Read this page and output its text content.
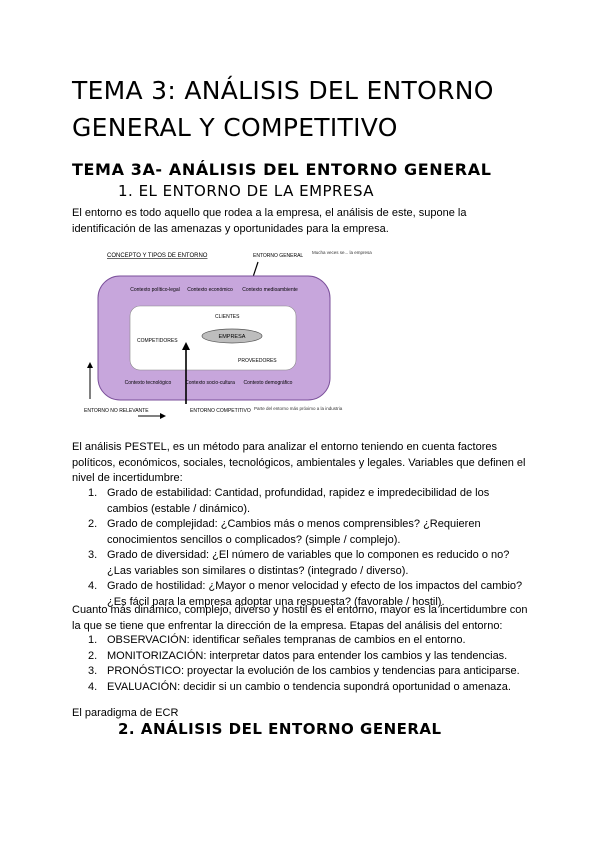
TEMA 3: ANÁLISIS DEL ENTORNO GENERAL Y COMPETITIVO
TEMA 3A- ANÁLISIS DEL ENTORNO GENERAL
1. EL ENTORNO DE LA EMPRESA
El entorno es todo aquello que rodea a la empresa, el análisis de este, supone la identificación de las amenazas y oportunidades para la empresa.
CONCEPTO Y TIPOS DE ENTORNO	ENTORNO GENERAL
Mucha veces se... la empresa
Contexto político-legal Contexto económico Contexto medioambiente
CLIENTES
COMPETIDORES
EMPRESA
PROVEEDORES
Contexto tecnológico	Contexto socio-cultura Contexto demográfico
ENTORNO NO RELEVANTE	ENTORNO COMPETITIVO Parte del entorno más próximo a la industria
El análisis PESTEL, es un método para analizar el entorno teniendo en cuenta factores políticos, económicos, sociales, tecnológicos, ambientales y legales. Variables que definen el nivel de incertidumbre:
1. Grado de estabilidad: Cantidad, profundidad, rapidez e impredecibilidad de los cambios (estable / dinámico).
2. Grado de complejidad: ¿Cambios más o menos comprensibles? ¿Requieren conocimientos sencillos o complicados? (simple / complejo).
3. Grado de diversidad: ¿El número de variables que lo componen es reducido o no? ¿Las variables son similares o distintas? (integrado / diverso).
4. Grado de hostilidad: ¿Mayor o menor velocidad y efecto de los impactos del cambio? ¿Es fácil para la empresa adoptar una respuesta? (favorable / hostil).
Cuanto más dinámico, complejo, diverso y hostil es el entorno, mayor es la incertidumbre con la que se tiene que enfrentar la dirección de la empresa. Etapas del análisis del entorno:
1. OBSERVACIÓN: identificar señales tempranas de cambios en el entorno.
2. MONITORIZACIÓN: interpretar datos para entender los cambios y las tendencias.
3. PRONÓSTICO: proyectar la evolución de los cambios y tendencias para anticiparse.
4. EVALUACIÓN: decidir si un cambio o tendencia supondrá oportunidad o amenaza.
El paradigma de ECR
2. ANÁLISIS DEL ENTORNO GENERAL
